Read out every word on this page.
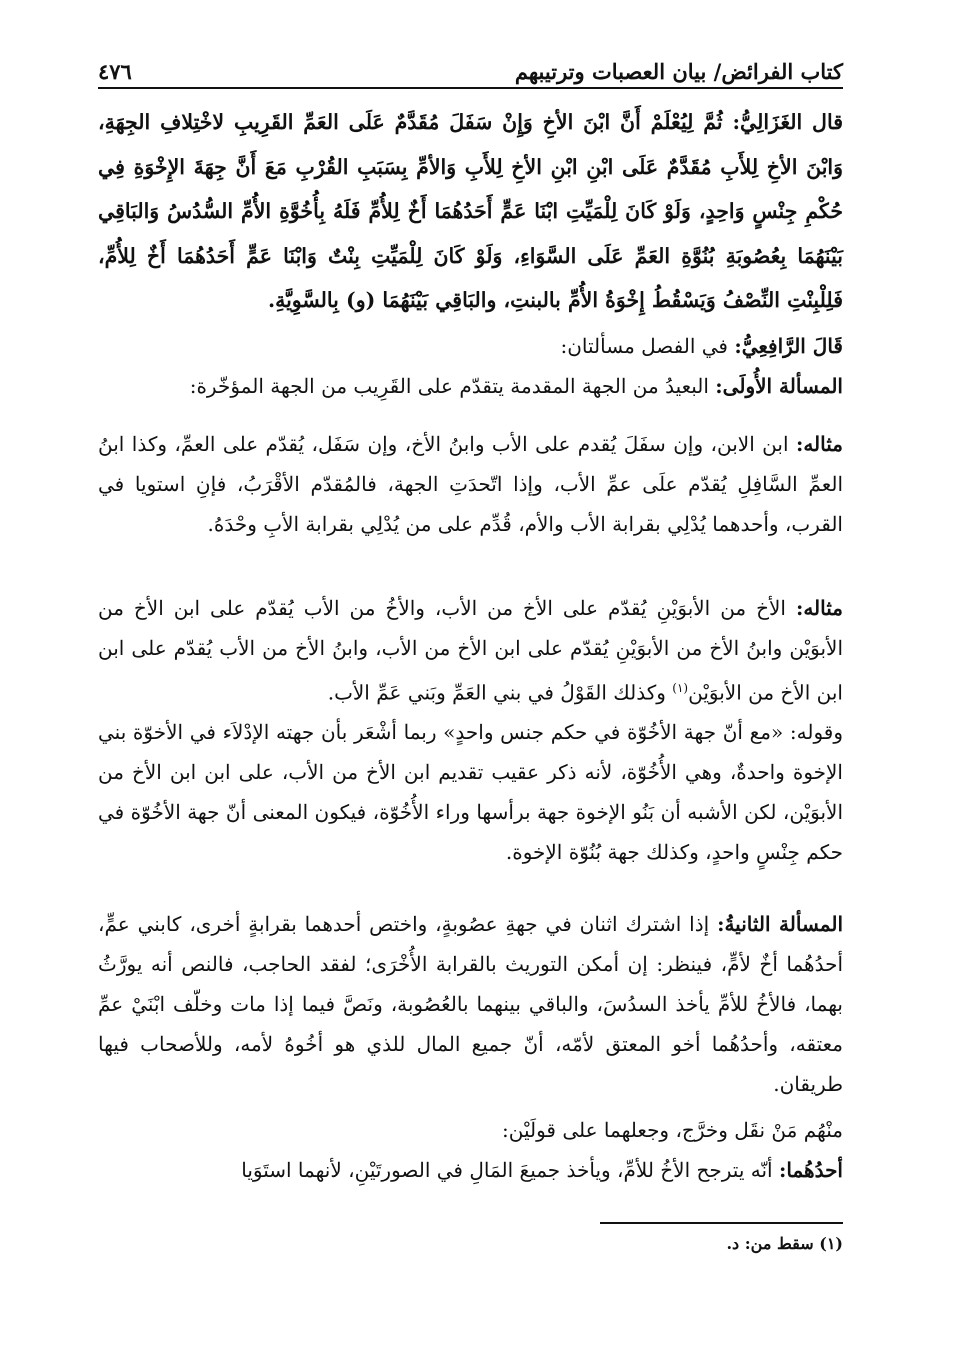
كتاب الفرائض/ بيان العصبات وترتيبهم
٤٧٦

قال الغَزَالِيُّ: ثُمَّ لِيُعْلَمْ أَنَّ ابْنَ الأخِ وَإِنْ سَفَلَ مُقَدَّمٌ عَلَى العَمِّ القَرِيبِ لاخْتِلافِ الجِهَةِ، وَابْنَ الأخِ لِلأَبِ مُقَدَّمٌ عَلَى ابْنِ ابْنِ الأخِ لِلأَبِ وَالأمِّ بِسَبَبِ القُرْبِ مَعَ أَنَّ جِهَةَ الإِخْوَةِ فِي حُكْمِ جِنْسٍ وَاحِدٍ، وَلَوْ كَانَ لِلْمَيِّتِ ابْنَا عَمٍّ أَحَدُهُمَا أَخٌ لِلأُمِّ فَلَهُ بِأُخُوَّةِ الأُمِّ السُّدُسُ وَالبَاقِي بَيْنَهُمَا بِعُصُوبَةِ بُنُوَّةِ العَمِّ عَلَى السَّوَاءِ، وَلَوْ كَانَ لِلْمَيِّتِ بِنْتٌ وَابْنَا عَمٍّ أَحَدُهُمَا أَخٌ لِلأُمِّ، فَلِلْبِنْتِ النِّصْفُ وَيَسْقُطُ إِخْوَةُ الأُمِّ بالبنتِ، والبَاقِي بَيْنَهُمَا (و) بِالسَّوِيَّةِ.

قَالَ الرَّافِعِيُّ: في الفصل مسألتان:

المسألة الأُولَى: البعيدُ من الجهة المقدمة يتقدّم على القَرِيب من الجهة المؤخّرة:

مثاله: ابن الابن، وإن سفَلَ يُقدم على الأب وابنُ الأخ، وإن سَفَل، يُقدّم على العمِّ، وكذا ابنُ العمِّ السَّافِلِ يُقدّم علَى عمِّ الأب، وإذا اتّحدَتِ الجهة، فالمُقدّم الأقْرَبُ، فإنِ استويا في القرب، وأحدهما يُدْلِي بقرابة الأب والأم، قُدِّم على من يُدْلِي بقرابة الأبِ وحْدَهُ.

مثاله: الأخ من الأبوَيْنِ يُقدّم على الأخ من الأب، والأخُ من الأب يُقدّم على ابن الأخ من الأبوَيْن وابنُ الأخ من الأبوَيْنِ يُقدّم على ابن الأخ من الأب، وابنُ الأخ من الأب يُقدّم على ابن ابن الأخ من الأبوَيْن$^{(١)}$ وكذلك القَوْلُ في بني العَمِّ وبَني عَمِّ الأب.

وقوله: «مع أنّ جهة الأخُوّة في حكم جنس واحدٍ» ربما أشْعَر بأن جهته الإدْلاَء في الأخوّة بني الإخوة واحدةٌ، وهي الأُخُوّة، لأنه ذكر عقيب تقديم ابن الأخ من الأب، على ابن ابن الأخ من الأبوَيْن، لكن الأشبه أن بَنُو الإخوة جهة برأسها وراء الأُخُوّة، فيكون المعنى أنّ جهة الأخُوّة في حكم جِنْسٍ واحدٍ، وكذلك جهة بُنُوّة الإخوة.

المسألة الثانيةُ: إذا اشترك اثنان في جهةِ عصُوبةٍ، واختص أحدهما بقرابةٍ أخرى، كابني عمٍّ، أحدُهُما أخٌ لأمٍّ، فينظر: إن أمكن التوريث بالقرابة الأُخْرَى؛ لفقد الحاجب، فالنص أنه يورَّثُ بهما، فالأخُ للأمِّ يأخذ السدُسَ، والباقي بينهما بالعُصُوبة، ونَصَّ فيما إذا مات وخلّف ابْنَيْ عمِّ معتقه، وأحدُهُما أخو المعتق لأمّه، أنّ جميع المال للذي هو أخُوهُ لأمه، وللأصحاب فيها طريقان.

منْهُم مَنْ نقَل وخرَّج، وجعلهما على قولَيْن:

أحدُهُما: أنّه يترجح الأخُ للأمِّ، ويأخذ جميعَ المَالِ في الصورتَيْنِ، لأنهما استَوَيا

(١) سقط من: د.
